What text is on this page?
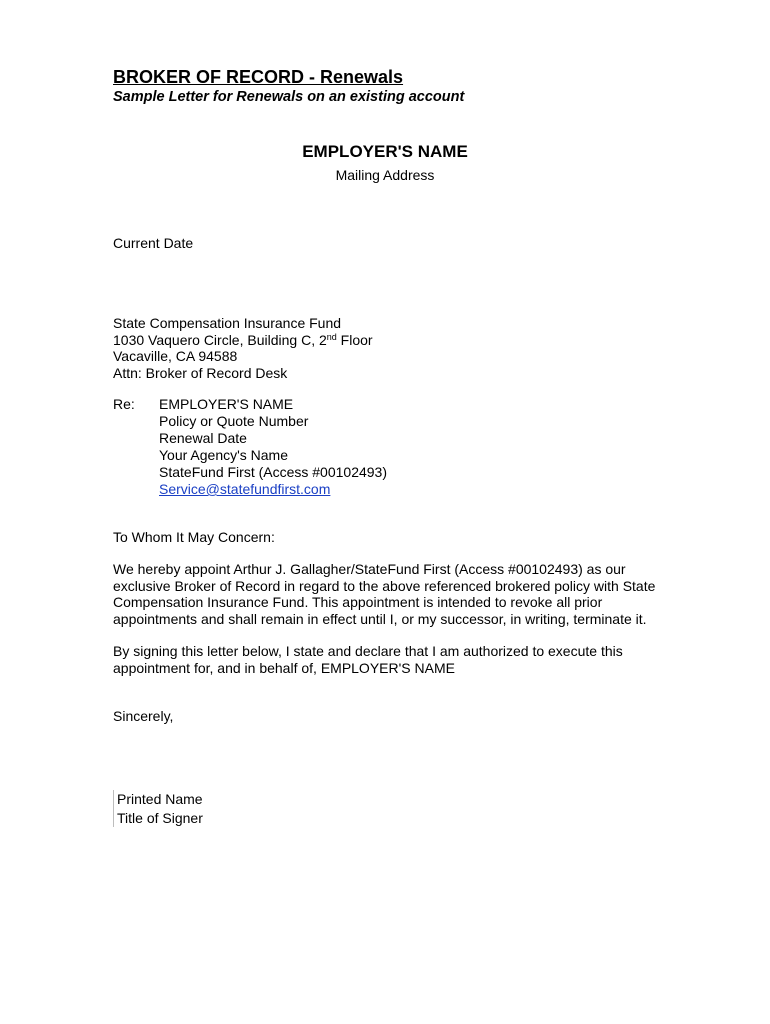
BROKER OF RECORD - Renewals
Sample Letter for Renewals on an existing account
EMPLOYER'S NAME
Mailing Address
Current Date
State Compensation Insurance Fund
1030 Vaquero Circle, Building C, 2nd Floor
Vacaville, CA 94588
Attn: Broker of Record Desk
Re: EMPLOYER'S NAME
Policy or Quote Number
Renewal Date
Your Agency's Name
StateFund First (Access #00102493)
Service@statefundfirst.com
To Whom It May Concern:
We hereby appoint Arthur J. Gallagher/StateFund First (Access #00102493) as our
exclusive Broker of Record in regard to the above referenced brokered policy with State
Compensation Insurance Fund. This appointment is intended to revoke all prior
appointments and shall remain in effect until I, or my successor, in writing, terminate it.
By signing this letter below, I state and declare that I am authorized to execute this
appointment for, and in behalf of, EMPLOYER'S NAME
Sincerely,
Printed Name
Title of Signer
